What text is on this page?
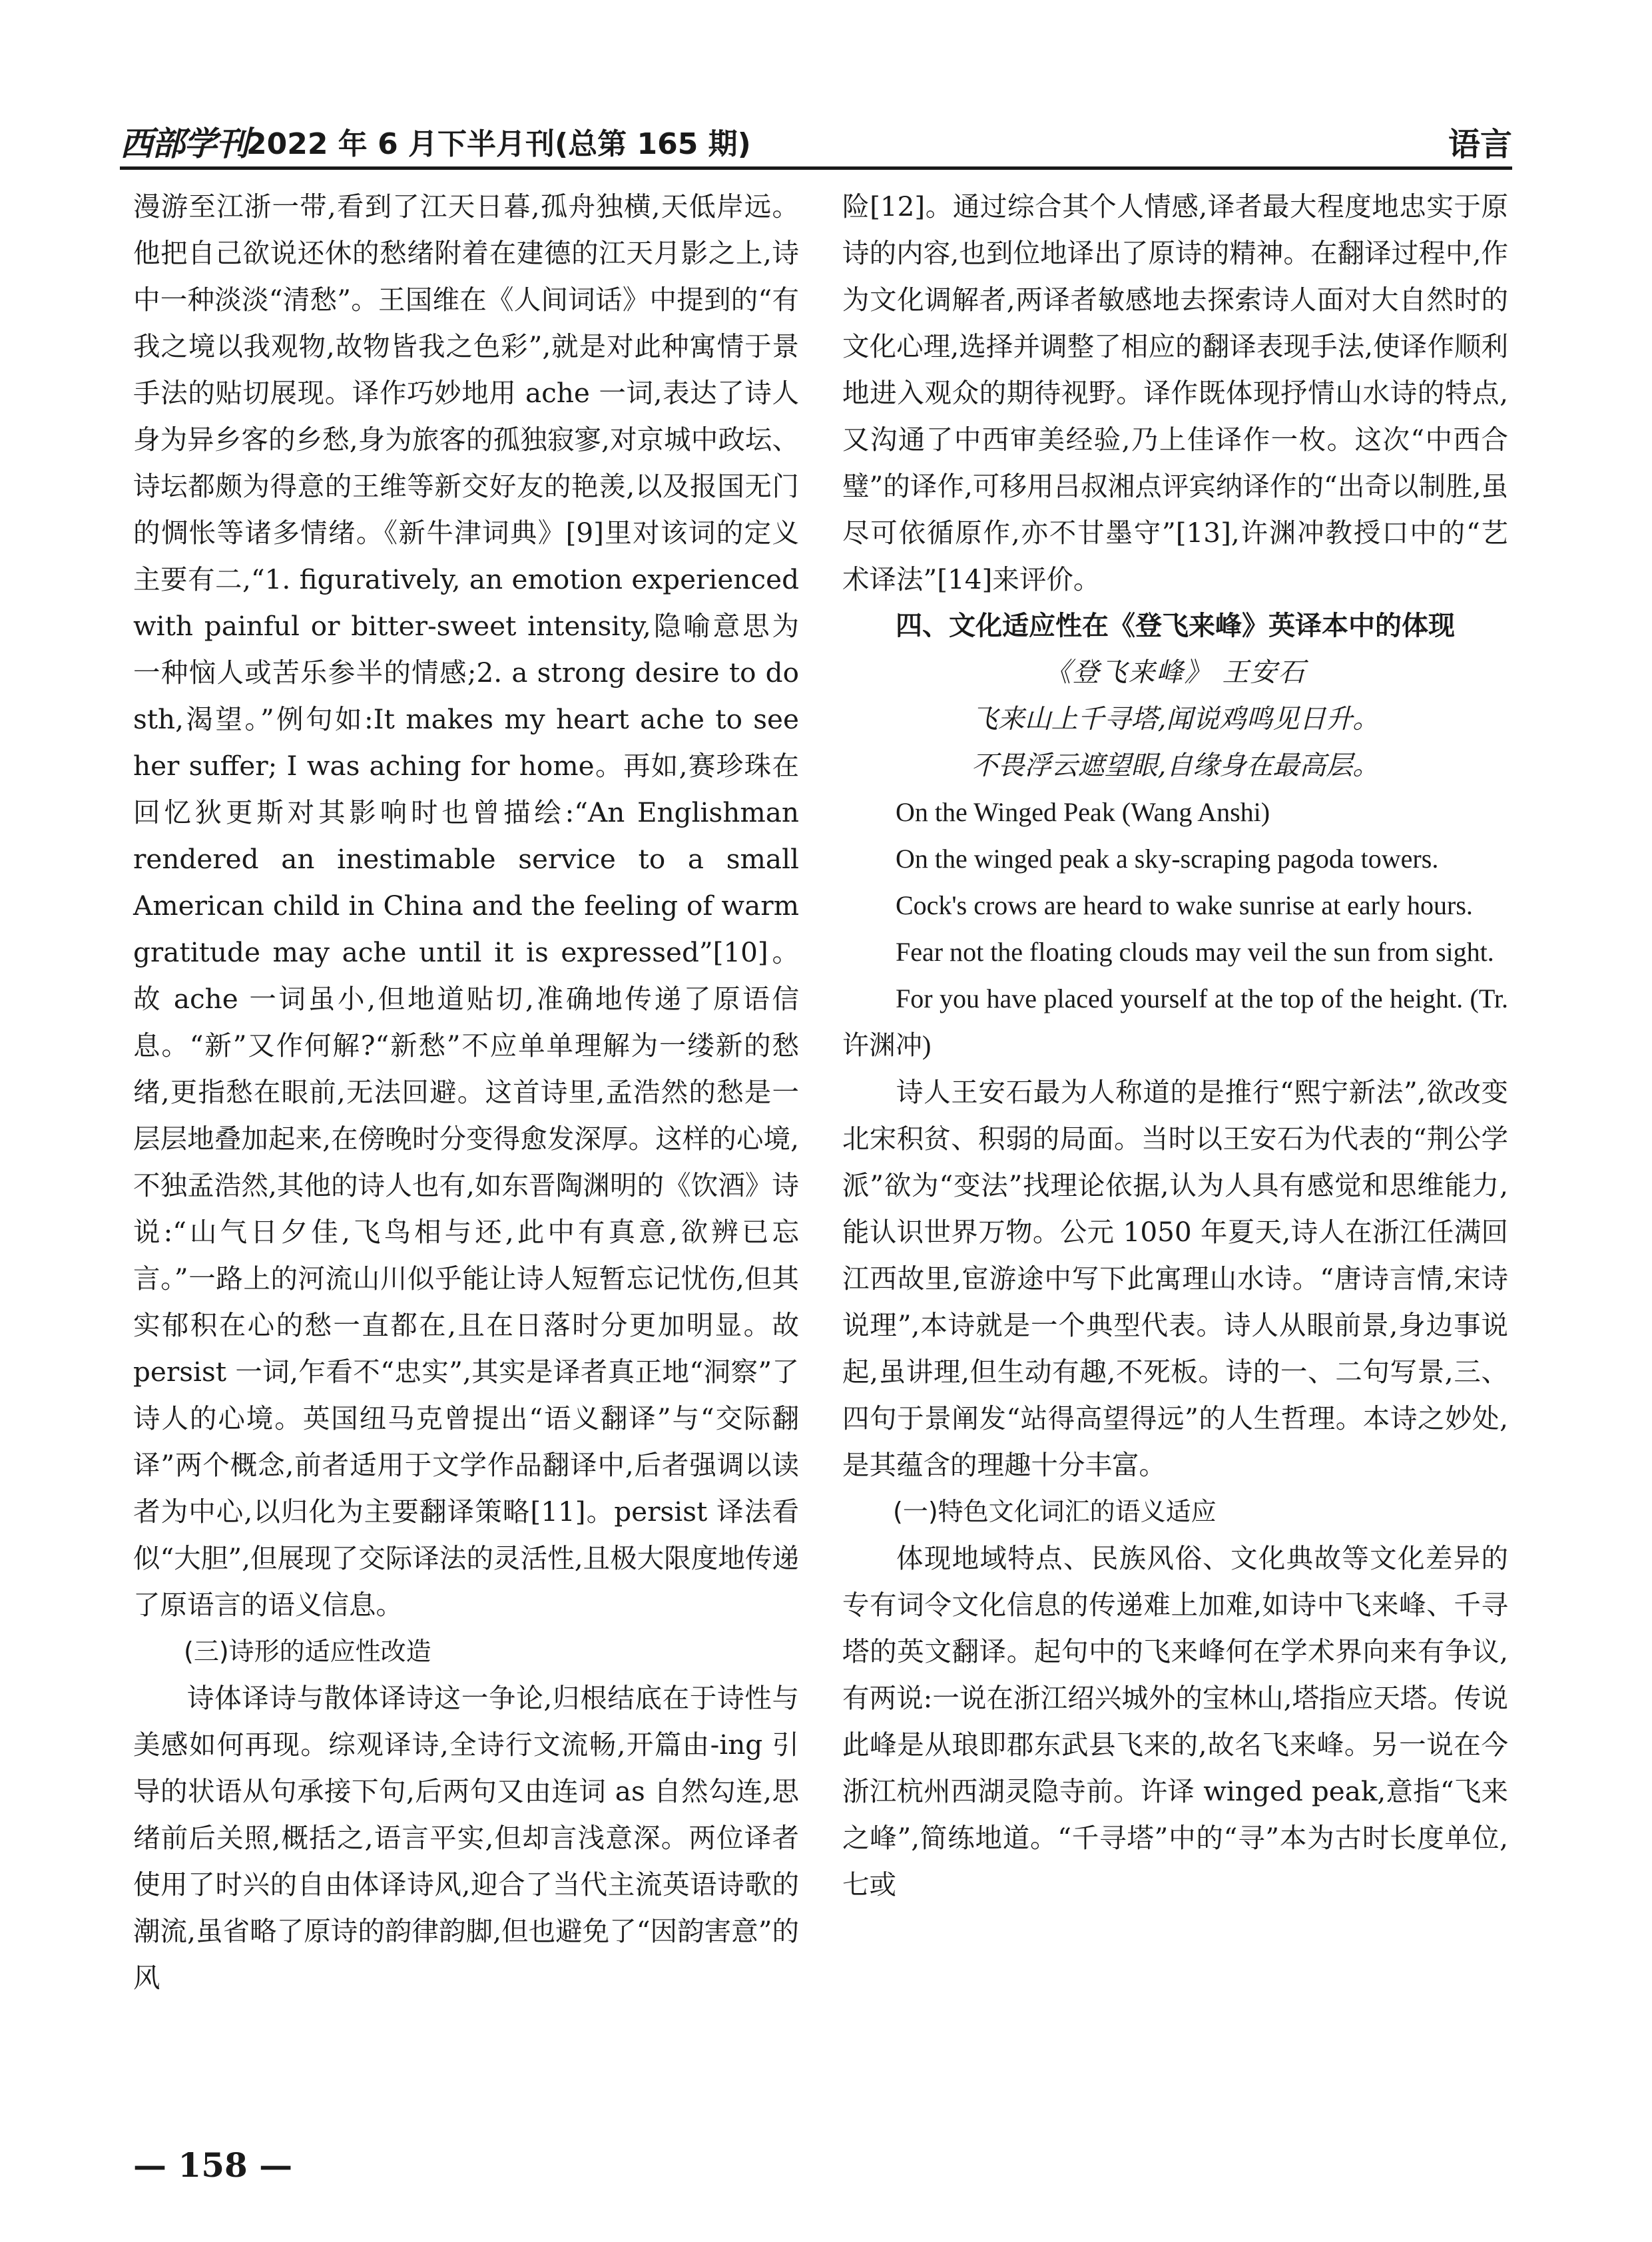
西部学刊
2022 年 6 月下半月刊(总第 165 期)	语言

漫游至江浙一带,看到了江天日暮,孤舟独横,天低岸远。他把自己欲说还休的愁绪附着在建德的江天月影之上,诗中一种淡淡“清愁”。王国维在《人间词话》中提到的“有我之境以我观物,故物皆我之色彩”,就是对此种寓情于景手法的贴切展现。译作巧妙地用 ache 一词,表达了诗人身为异乡客的乡愁,身为旅客的孤独寂寥,对京城中政坛、诗坛都颇为得意的王维等新交好友的艳羡,以及报国无门的惆怅等诸多情绪。《新牛津词典》[9]里对该词的定义主要有二,“1. figuratively, an emotion experienced with painful or bitter-sweet intensity,隐喻意思为一种恼人或苦乐参半的情感;2. a strong desire to do sth,渴望。”例句如:It makes my heart ache to see her suffer; I was aching for home。再如,赛珍珠在回忆狄更斯对其影响时也曾描绘:“An Englishman rendered an inestimable service to a small American child in China and the feeling of warm gratitude may ache until it is expressed”[10]。故 ache 一词虽小,但地道贴切,准确地传递了原语信息。“新”又作何解?“新愁”不应单单理解为一缕新的愁绪,更指愁在眼前,无法回避。这首诗里,孟浩然的愁是一层层地叠加起来,在傍晚时分变得愈发深厚。这样的心境,不独孟浩然,其他的诗人也有,如东晋陶渊明的《饮酒》诗说:“山气日夕佳,飞鸟相与还,此中有真意,欲辨已忘言。”一路上的河流山川似乎能让诗人短暂忘记忧伤,但其实郁积在心的愁一直都在,且在日落时分更加明显。故 persist 一词,乍看不“忠实”,其实是译者真正地“洞察”了诗人的心境。英国纽马克曾提出“语义翻译”与“交际翻译”两个概念,前者适用于文学作品翻译中,后者强调以读者为中心,以归化为主要翻译策略[11]。persist 译法看似“大胆”,但展现了交际译法的灵活性,且极大限度地传递了原语言的语义信息。

(三)诗形的适应性改造

诗体译诗与散体译诗这一争论,归根结底在于诗性与美感如何再现。综观译诗,全诗行文流畅,开篇由-ing 引导的状语从句承接下句,后两句又由连词 as 自然勾连,思绪前后关照,概括之,语言平实,但却言浅意深。两位译者使用了时兴的自由体译诗风,迎合了当代主流英语诗歌的潮流,虽省略了原诗的韵律韵脚,但也避免了“因韵害意”的风

险[12]。通过综合其个人情感,译者最大程度地忠实于原诗的内容,也到位地译出了原诗的精神。在翻译过程中,作为文化调解者,两译者敏感地去探索诗人面对大自然时的文化心理,选择并调整了相应的翻译表现手法,使译作顺利地进入观众的期待视野。译作既体现抒情山水诗的特点,又沟通了中西审美经验,乃上佳译作一枚。这次“中西合璧”的译作,可移用吕叔湘点评宾纳译作的“出奇以制胜,虽尽可依循原作,亦不甘墨守”[13],许渊冲教授口中的“艺术译法”[14]来评价。

四、文化适应性在《登飞来峰》英译本中的体现

《登飞来峰》 王安石

飞来山上千寻塔,闻说鸡鸣见日升。

不畏浮云遮望眼,自缘身在最高层。

On the Winged Peak (Wang Anshi)

On the winged peak a sky-scraping pagoda towers.

Cock's crows are heard to wake sunrise at early hours.

Fear not the floating clouds may veil the sun from sight.

For you have placed yourself at the top of the height. (Tr. 许渊冲)

诗人王安石最为人称道的是推行“熙宁新法”,欲改变北宋积贫、积弱的局面。当时以王安石为代表的“荆公学派”欲为“变法”找理论依据,认为人具有感觉和思维能力,能认识世界万物。公元 1050 年夏天,诗人在浙江任满回江西故里,宦游途中写下此寓理山水诗。“唐诗言情,宋诗说理”,本诗就是一个典型代表。诗人从眼前景,身边事说起,虽讲理,但生动有趣,不死板。诗的一、二句写景,三、四句于景阐发“站得高望得远”的人生哲理。本诗之妙处,是其蕴含的理趣十分丰富。

(一)特色文化词汇的语义适应

体现地域特点、民族风俗、文化典故等文化差异的专有词令文化信息的传递难上加难,如诗中飞来峰、千寻塔的英文翻译。起句中的飞来峰何在学术界向来有争议,有两说:一说在浙江绍兴城外的宝林山,塔指应天塔。传说此峰是从琅即郡东武县飞来的,故名飞来峰。另一说在今浙江杭州西湖灵隐寺前。许译 winged peak,意指“飞来之峰”,简练地道。“千寻塔”中的“寻”本为古时长度单位,七或

— 158 —
